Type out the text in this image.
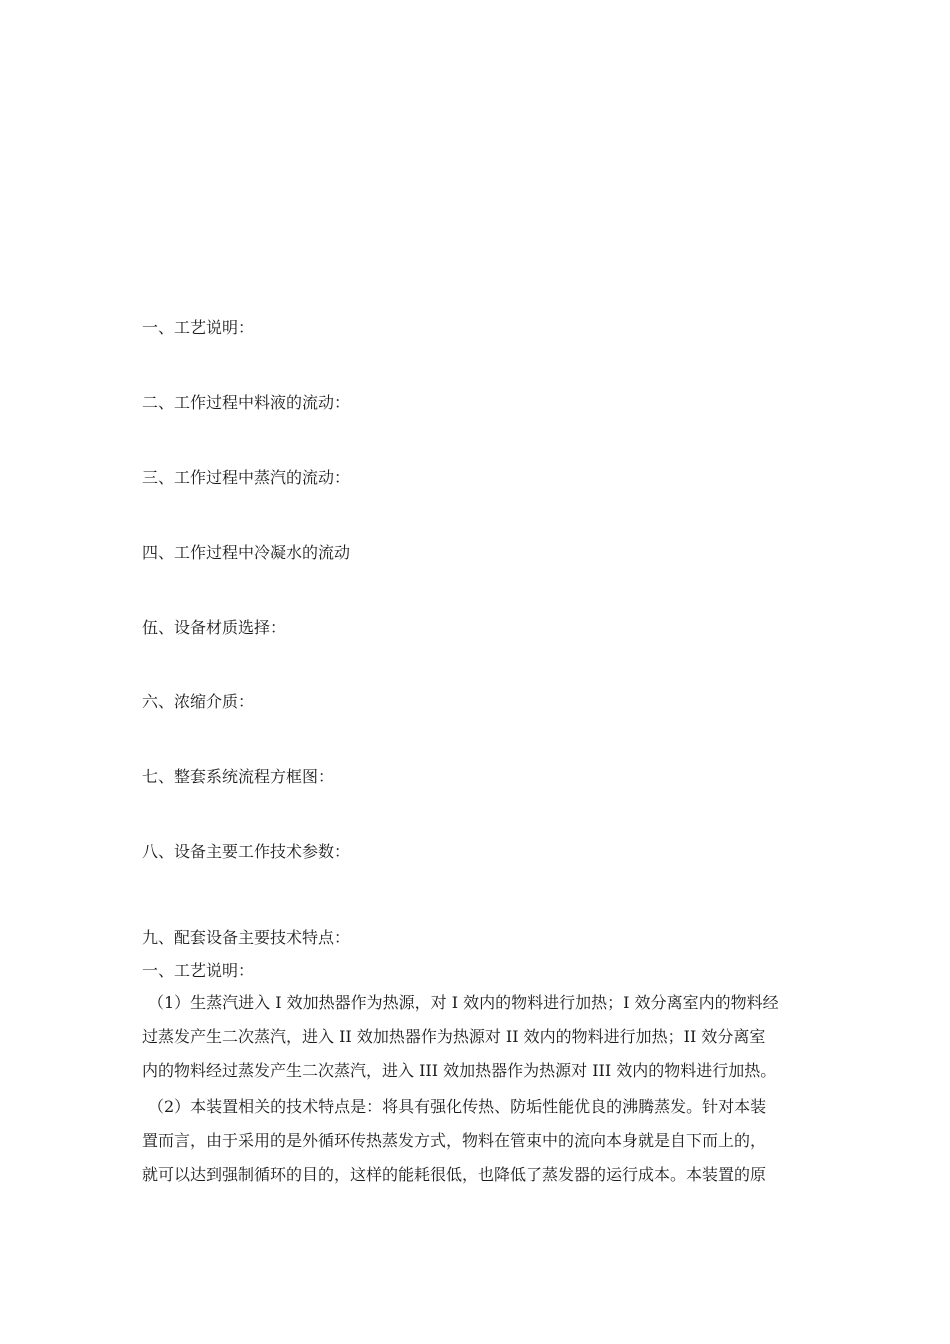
一、工艺说明：
二、工作过程中料液的流动：
三、工作过程中蒸汽的流动：
四、工作过程中冷凝水的流动
伍、设备材质选择：
六、浓缩介质：
七、整套系统流程方框图：
八、设备主要工作技术参数：
九、配套设备主要技术特点：

一、工艺说明：

（1）生蒸汽进入 I 效加热器作为热源，对 I 效内的物料进行加热；I 效分离室内的物料经
过蒸发产生二次蒸汽，进入 II 效加热器作为热源对 II 效内的物料进行加热；II 效分离室
内的物料经过蒸发产生二次蒸汽，进入 III 效加热器作为热源对 III 效内的物料进行加热。
（2）本装置相关的技术特点是：将具有强化传热、防垢性能优良的沸腾蒸发。针对本装
置而言，由于采用的是外循环传热蒸发方式，物料在管束中的流向本身就是自下而上的，
就可以达到强制循环的目的，这样的能耗很低，也降低了蒸发器的运行成本。本装置的原
